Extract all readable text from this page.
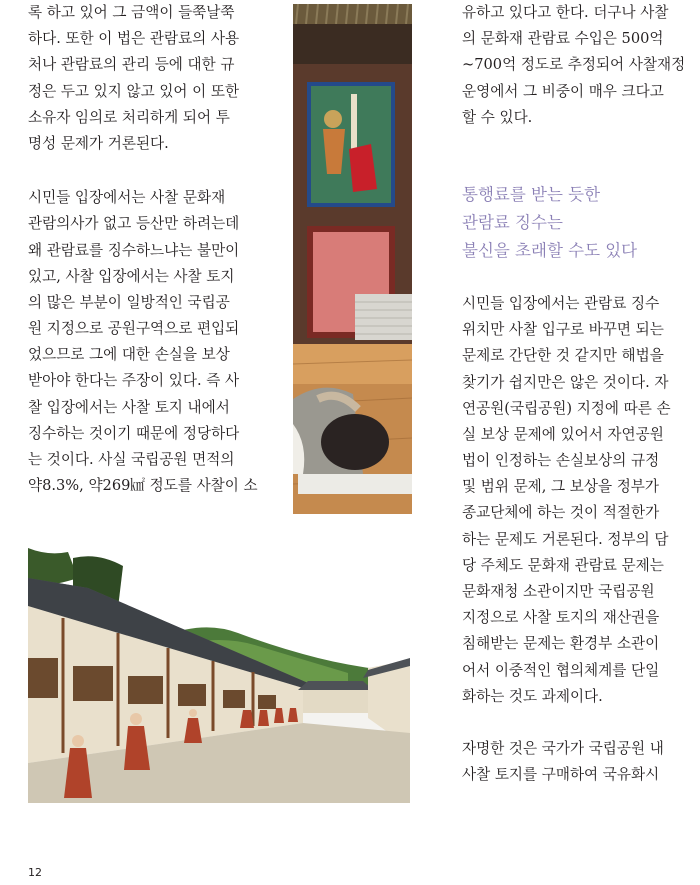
록 하고 있어 그 금액이 들쭉날쭉
하다. 또한 이 법은 관람료의 사용
처나 관람료의 관리 등에 대한 규
정은 두고 있지 않고 있어 이 또한
소유자 임의로 처리하게 되어 투
명성 문제가 거론된다.
시민들 입장에서는 사찰 문화재
관람의사가 없고 등산만 하려는데
왜 관람료를 징수하느냐는 불만이
있고, 사찰 입장에서는 사찰 토지
의 많은 부분이 일방적인 국립공
원 지정으로 공원구역으로 편입되
었으므로 그에 대한 손실을 보상
받아야 한다는 주장이 있다. 즉 사
찰 입장에서는 사찰 토지 내에서
징수하는 것이기 때문에 정당하다
는 것이다. 사실 국립공원 면적의
약8.3%, 약269㎢ 정도를 사찰이 소
유하고 있다고 한다. 더구나 사찰
의 문화재 관람료 수입은 500억
~700억 정도로 추정되어 사찰재정
운영에서 그 비중이 매우 크다고
할 수 있다.
통행료를 받는 듯한
관람료 징수는
불신을 초래할 수도 있다
시민들 입장에서는 관람료 징수
위치만 사찰 입구로 바꾸면 되는
문제로 간단한 것 같지만 해법을
찾기가 쉽지만은 않은 것이다. 자
연공원(국립공원) 지정에 따른 손
실 보상 문제에 있어서 자연공원
법이 인정하는 손실보상의 규정
및 범위 문제, 그 보상을 정부가
종교단체에 하는 것이 적절한가
하는 문제도 거론된다. 정부의 담
당 주체도 문화재 관람료 문제는
문화재청 소관이지만 국립공원
지정으로 사찰 토지의 재산권을
침해받는 문제는 환경부 소관이
어서 이중적인 협의체계를 단일
화하는 것도 과제이다.
자명한 것은 국가가 국립공원 내
사찰 토지를 구매하여 국유화시
12
